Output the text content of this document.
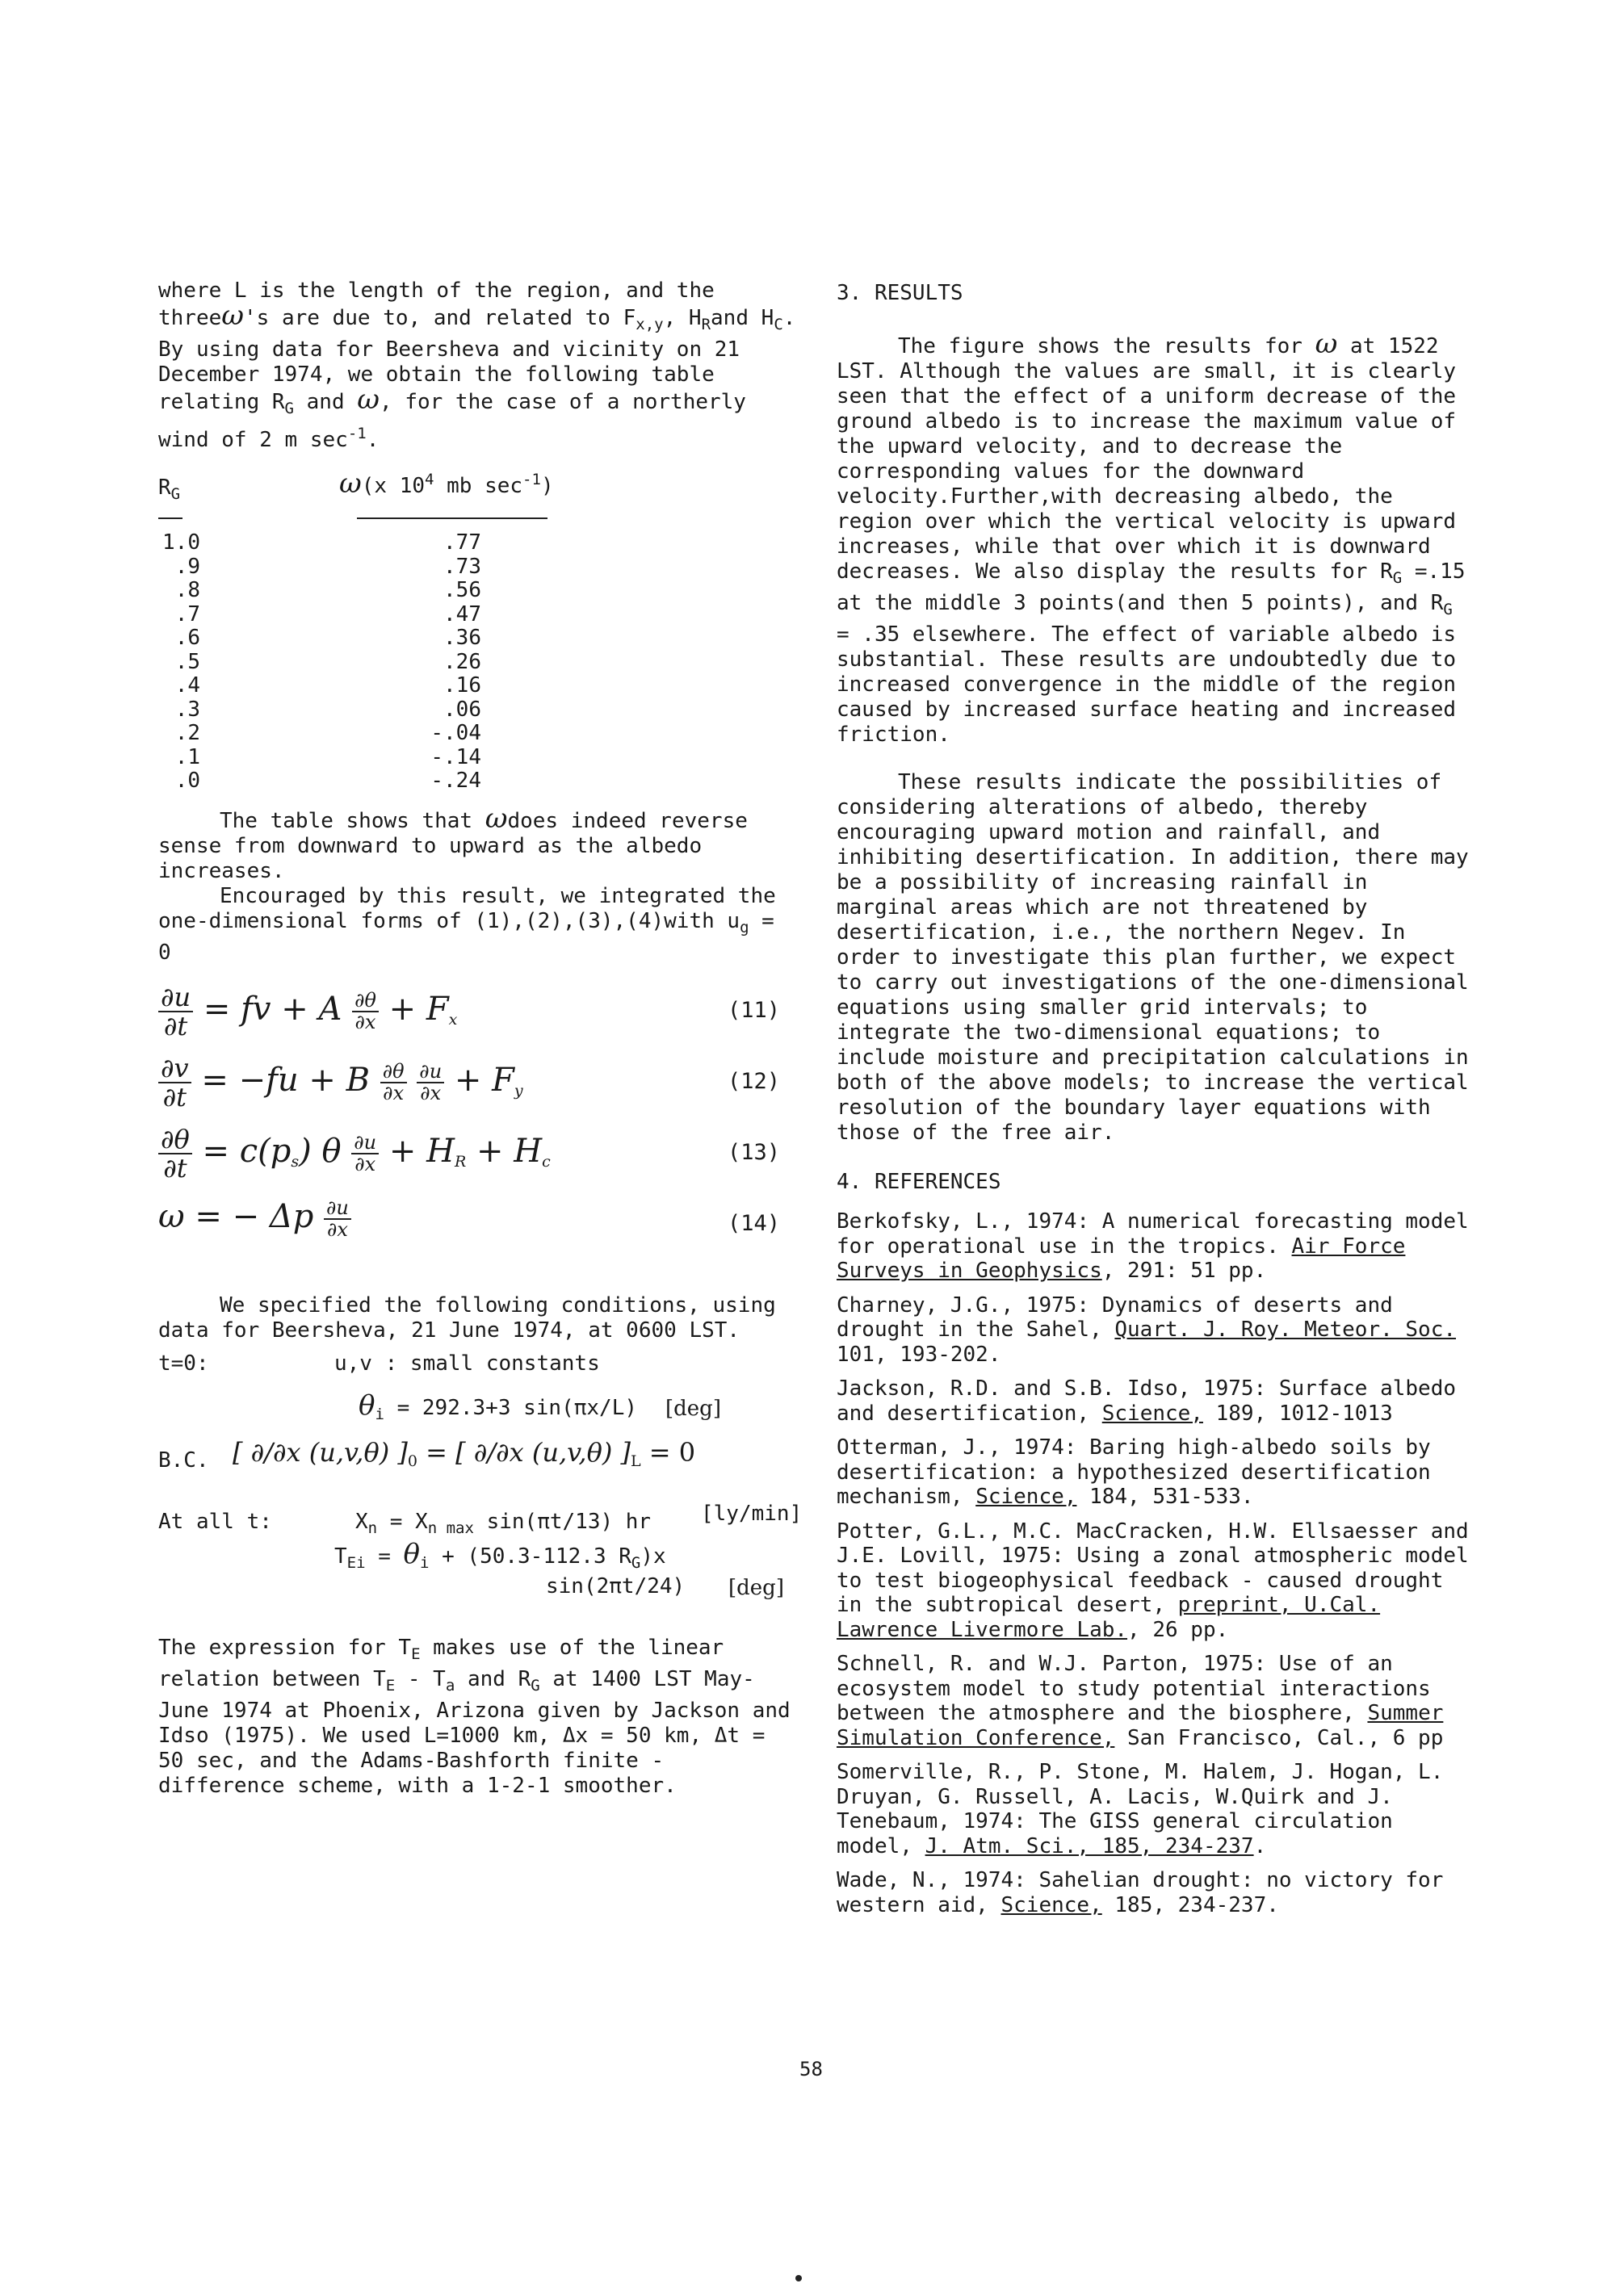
where L is the length of the region, and the threeω's are due to, and related to $F_{x,y}$, $H_Rand$ $H_C$. By using data for Beersheva and vicinity on 21 December 1974, we obtain the following table relating $R_G$ and ω, for the case of a northerly wind of 2 m $\sec^{-1}$.

$R_G$	ω(x $10^4$ mb $\sec^{-1}$)
1.0	.77
.9	.73
.8	.56
.7	.47
.6	.36
.5	.26
.4	.16
.3	.06
.2	-.04
.1	-.14
.0	-.24

The table shows that ωdoes indeed reverse sense from downward to upward as the albedo increases.

Encouraged by this result, we integrated the one-dimensional forms of (1),(2),(3),(4)with $u_g = 0$

$\frac{\partial u}{\partial t}$ = fv + A $\frac{\partial\theta}{\partial x} + F_x$	(11)
$\frac{\partial v}{\partial t} = -fu + B \frac{\partial\theta}{\partial x}$
$\frac{\partial u}{\partial x} + F_y$	(12)
$\frac{\partial\theta}{\partial t} = c(p_s)$ θ $\frac{\partial u}{\partial x} + H_R + H_c$	(13)
ω = − Δp $\frac{\partial u}{\partial x}$	(14)

We specified the following conditions, using data for Beersheva, 21 June 1974, at 0600 LST.

t=0:	u,v : small constants
$\theta_i = 292.3+3$ sin(πx/L) [deg]
B.C. [ ∂/∂x (u,v,θ) ]$_0$ = [ ∂/∂x (u,v,θ) ]$_L = 0$
At all t:	$X_n = X_{n max}$ sin(πt/13) hr [ly/min]
$T_{Ei} = \theta_i + (50.3-112.3$ $R_G)x$
sin(2πt/24) [deg]

The expression for $T_E$ makes use of the linear relation between $T_E - T_a$ and $R_G$ at 1400 LST May-June 1974 at Phoenix, Arizona given by Jackson and Idso (1975). We used L=1000 km, Δx = 50 km, Δt = 50 sec, and the Adams-Bashforth finite - difference scheme, with a 1-2-1 smoother.

3. RESULTS

The figure shows the results for ω at 1522 LST. Although the values are small, it is clearly seen that the effect of a uniform decrease of the ground albedo is to increase the maximum value of the upward velocity, and to decrease the corresponding values for the downward velocity.Further,with decreasing albedo, the region over which the vertical velocity is upward increases, while that over which it is downward decreases. We also display the results for $R_G =.15$ at the middle 3 points(and then 5 points), and $R_G = .35$ elsewhere. The effect of variable albedo is substantial. These results are undoubtedly due to increased convergence in the middle of the region caused by increased surface heating and increased friction.

These results indicate the possibilities of considering alterations of albedo, thereby encouraging upward motion and rainfall, and inhibiting desertification. In addition, there may be a possibility of increasing rainfall in marginal areas which are not threatened by desertification, i.e., the northern Negev. In order to investigate this plan further, we expect to carry out investigations of the one-dimensional equations using smaller grid intervals; to integrate the two-dimensional equations; to include moisture and precipitation calculations in both of the above models; to increase the vertical resolution of the boundary layer equations with those of the free air.

4. REFERENCES

Berkofsky, L., 1974: A numerical forecasting model for operational use in the tropics. Air Force Surveys in Geophysics, 291: 51 pp.

Charney, J.G., 1975: Dynamics of deserts and drought in the Sahel, Quart. J. Roy. Meteor. Soc. 101, 193-202.

Jackson, R.D. and S.B. Idso, 1975: Surface albedo and desertification, Science, 189, 1012-1013

Otterman, J., 1974: Baring high-albedo soils by desertification: a hypothesized desertification mechanism, Science, 184, 531-533.

Potter, G.L., M.C. MacCracken, H.W. Ellsaesser and J.E. Lovill, 1975: Using a zonal atmospheric model to test biogeophysical feedback - caused drought in the subtropical desert, preprint, U.Cal. Lawrence Livermore Lab., 26 pp.

Schnell, R. and W.J. Parton, 1975: Use of an ecosystem model to study potential interactions between the atmosphere and the biosphere, Summer Simulation Conference, San Francisco, Cal., 6 pp

Somerville, R., P. Stone, M. Halem, J. Hogan, L. Druyan, G. Russell, A. Lacis, W.Quirk and J. Tenebaum, 1974: The GISS general circulation model, J. Atm. Sci., 185, 234-237.

Wade, N., 1974: Sahelian drought: no victory for western aid, Science, 185, 234-237.

58
